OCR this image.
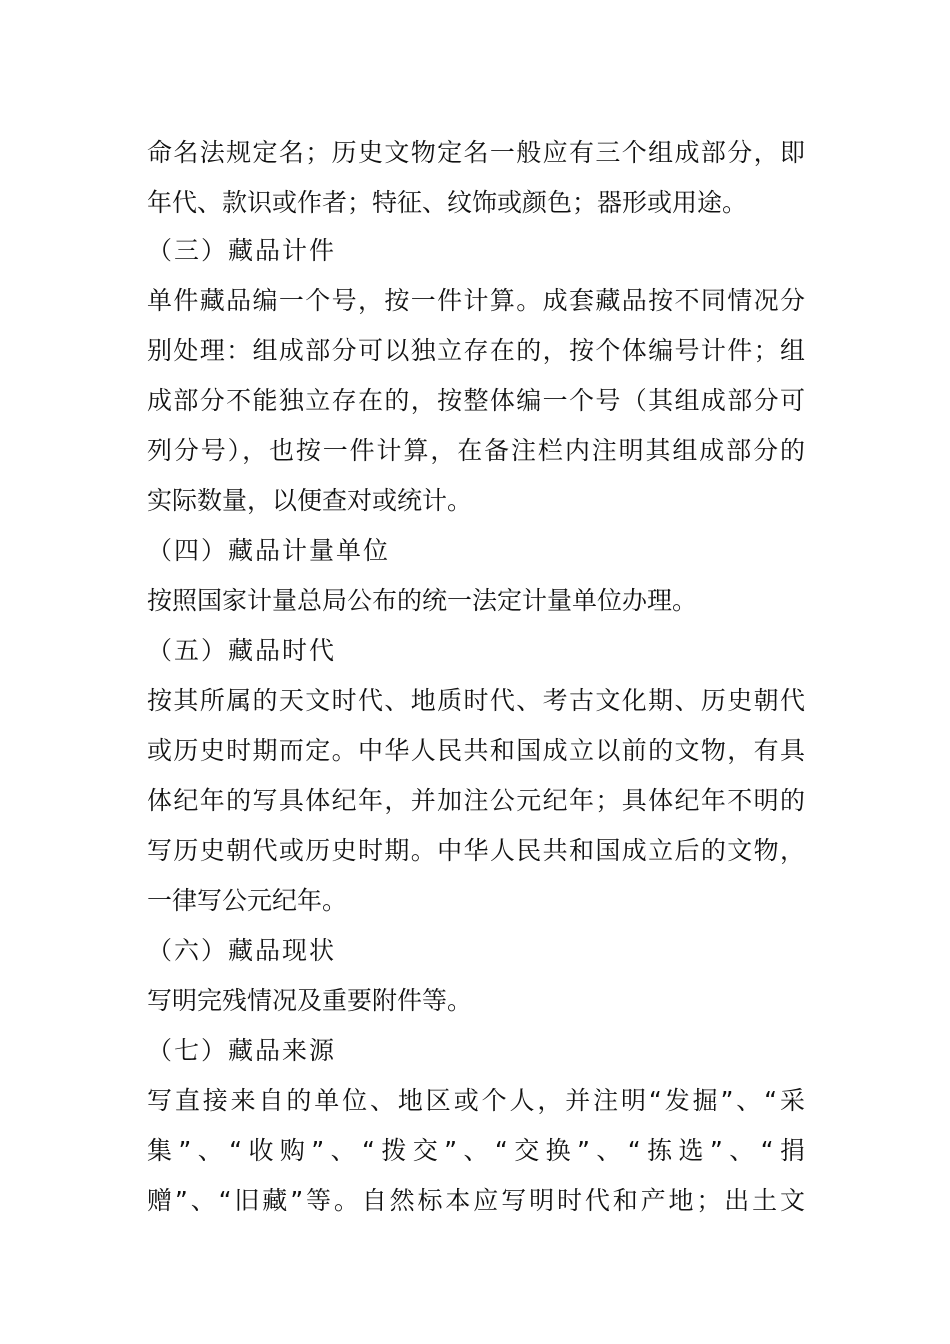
命名法规定名；历史文物定名一般应有三个组成部分，即

年代、款识或作者；特征、纹饰或颜色；器形或用途。

（三）藏品计件

单件藏品编一个号，按一件计算。成套藏品按不同情况分

别处理：组成部分可以独立存在的，按个体编号计件；组

成部分不能独立存在的，按整体编一个号（其组成部分可

列分号），也按一件计算，在备注栏内注明其组成部分的

实际数量，以便查对或统计。

（四）藏品计量单位

按照国家计量总局公布的统一法定计量单位办理。

（五）藏品时代

按其所属的天文时代、地质时代、考古文化期、历史朝代

或历史时期而定。中华人民共和国成立以前的文物，有具

体纪年的写具体纪年，并加注公元纪年；具体纪年不明的

写历史朝代或历史时期。中华人民共和国成立后的文物，

一律写公元纪年。

（六）藏品现状

写明完残情况及重要附件等。

（七）藏品来源

写直接来自的单位、地区或个人，并注明“发掘”、“采

集”、“收购”、“拨交”、“交换”、“拣选”、“捐

赠”、“旧藏”等。自然标本应写明时代和产地；出土文
